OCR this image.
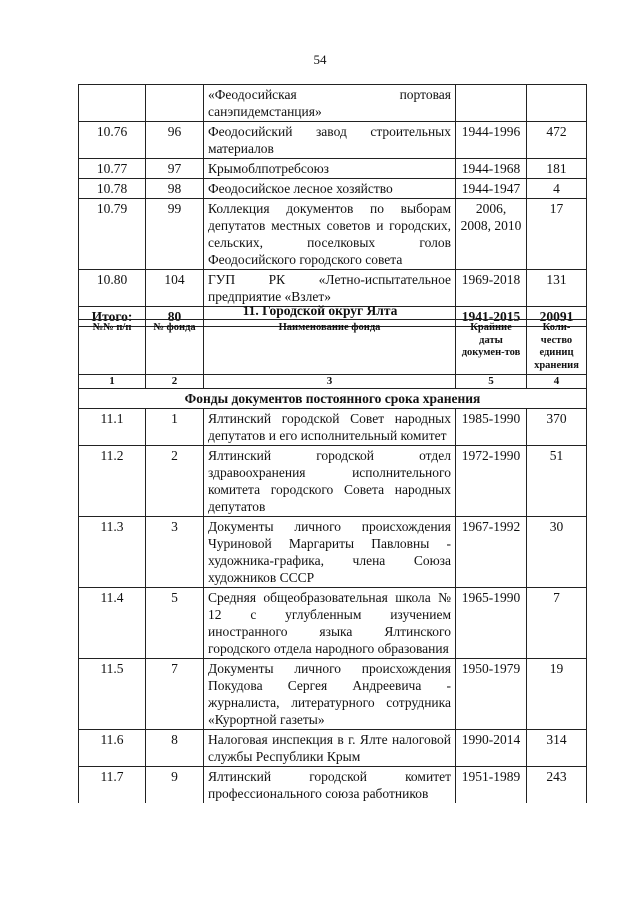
54
		«Феодосийская портовая санэпидемстанция»		
10.76	96	Феодосийский завод строительных материалов	1944-1996	472
10.77	97	Крымоблпотребсоюз	1944-1968	181
10.78	98	Феодосийское лесное хозяйство	1944-1947	4
10.79	99	Коллекция документов по выборам депутатов местных советов и городских, сельских, поселковых голов Феодосийского городского совета	2006, 2008, 2010	17
10.80	104	ГУП РК «Летно-испытательное предприятие «Взлет»	1969-2018	131
Итого:	80		1941-2015	20091
11. Городской округ Ялта
№№ п/п	№ фонда	Наименование фонда	Крайние даты докумен-тов	Коли-чество единиц хранения
1	2	3	5	4
Фонды документов постоянного срока хранения				
11.1	1	Ялтинский городской Совет народных депутатов и его исполнительный комитет	1985-1990	370
11.2	2	Ялтинский городской отдел здравоохранения исполнительного комитета городского Совета народных депутатов	1972-1990	51
11.3	3	Документы личного происхождения Чуриновой Маргариты Павловны - художника-графика, члена Союза художников СССР	1967-1992	30
11.4	5	Средняя общеобразовательная школа № 12 с углубленным изучением иностранного языка Ялтинского городского отдела народного образования	1965-1990	7
11.5	7	Документы личного происхождения Покудова Сергея Андреевича - журналиста, литературного сотрудника «Курортной газеты»	1950-1979	19
11.6	8	Налоговая инспекция в г. Ялте налоговой службы Республики Крым	1990-2014	314
11.7	9	Ялтинский городской комитет профессионального союза работников	1951-1989	243
